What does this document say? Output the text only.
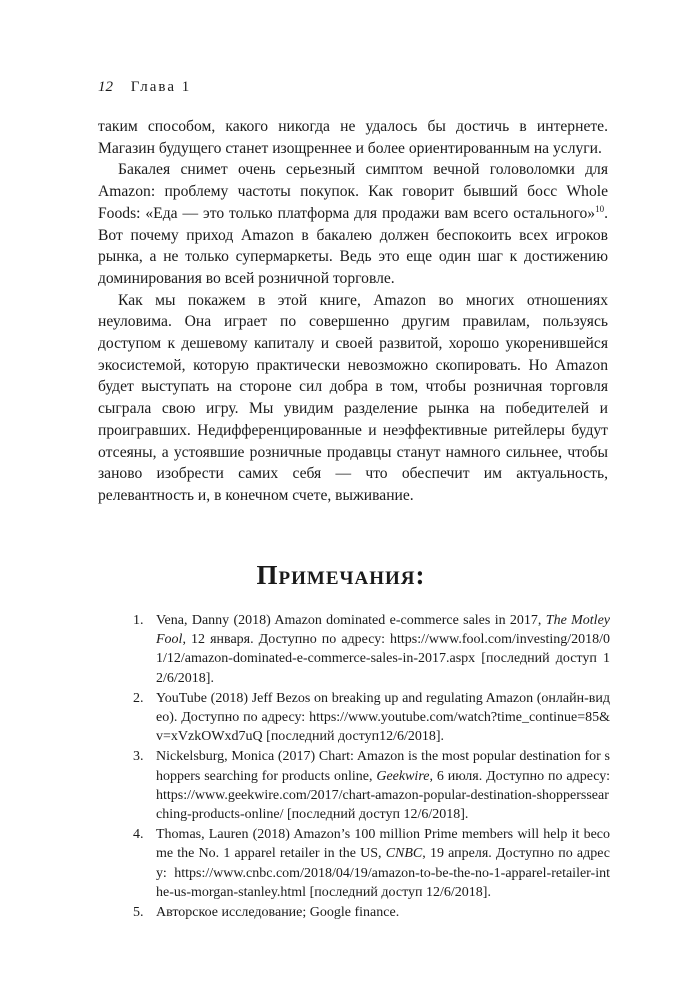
12 Глава 1

таким способом, какого никогда не удалось бы достичь в интернете. Магазин будущего станет изощреннее и более ориентированным на услуги.

Бакалея снимет очень серьезный симптом вечной головоломки для Amazon: проблему частоты покупок. Как говорит бывший босс Whole Foods: «Еда — это только платформа для продажи вам всего остального»$^{10}$. Вот почему приход Amazon в бакалею должен беспокоить всех игроков рынка, а не только супермаркеты. Ведь это еще один шаг к достижению доминирования во всей розничной торговле.

Как мы покажем в этой книге, Amazon во многих отношениях неуловима. Она играет по совершенно другим правилам, пользуясь доступом к дешевому капиталу и своей развитой, хорошо укоренившейся экосистемой, которую практически невозможно скопировать. Но Amazon будет выступать на стороне сил добра в том, чтобы розничная торговля сыграла свою игру. Мы увидим разделение рынка на победителей и проигравших. Недифференцированные и неэффективные ритейлеры будут отсеяны, а устоявшие розничные продавцы станут намного сильнее, чтобы заново изобрести самих себя — что обеспечит им актуальность, релевантность и, в конечном счете, выживание.

Примечания:
1. Vena, Danny (2018) Amazon dominated e-commerce sales in 2017, The Motley Fool, 12 января. Доступно по адресу: https://www.fool.com/investing/2018/01/12/amazon-dominated-e-commerce-sales-in-2017.aspx [последний доступ 12/6/2018].
2. YouTube (2018) Jeff Bezos on breaking up and regulating Amazon (онлайн-видео). Доступно по адресу: https://www.youtube.com/watch?time_continue=85&v=xVzkOWxd7uQ [последний доступ12/6/2018].
3. Nickelsburg, Monica (2017) Chart: Amazon is the most popular destination for shoppers searching for products online, Geekwire, 6 июля. Доступно по адресу: https://www.geekwire.com/2017/chart-amazon-popular-destination-shopperssearching-products-online/ [последний доступ 12/6/2018].
4. Thomas, Lauren (2018) Amazon’s 100 million Prime members will help it become the No. 1 apparel retailer in the US, CNBC, 19 апреля. Доступно по адресу: https://www.cnbc.com/2018/04/19/amazon-to-be-the-no-1-apparel-retailer-inthe-us-morgan-stanley.html [последний доступ 12/6/2018].
5. Авторское исследование; Google finance.
